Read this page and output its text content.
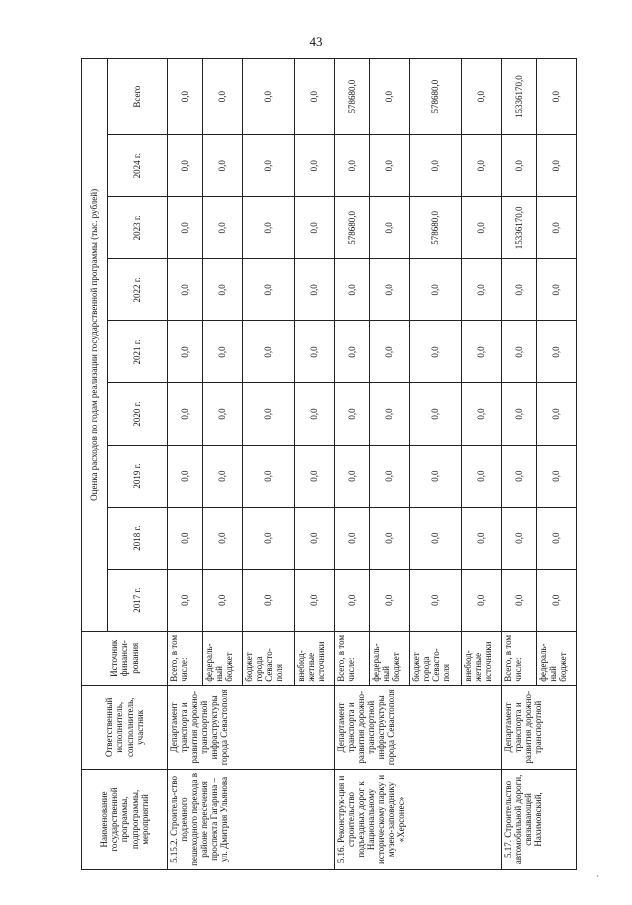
43
Наименование государственной программы, подпрограммы, мероприятий	Ответственный исполнитель, соисполнитель, участник	Источник финанси-рования	Оценка расходов по годам реализации государственной программы (тыс. рублей)								
			2017 г.	2018 г.	2019 г.	2020 г.	2021 г.	2022 г.	2023 г.	2024 г.	Всего
5.15.2. Строитель-ство подземного пешеходного перехода в районе пересечения проспекта Гагарина – ул. Дмитрия Ульянова	Департамент транспорта и развития дорожно-транспортной инфраструктуры города Севастополя	Всего, в том числе:	0,0	0,0	0,0	0,0	0,0	0,0	0,0	0,0	0,0
		федераль-ный бюджет	0,0	0,0	0,0	0,0	0,0	0,0	0,0	0,0	0,0
		бюджет города Севасто-поля	0,0	0,0	0,0	0,0	0,0	0,0	0,0	0,0	0,0
		внебюд-жетные источники	0,0	0,0	0,0	0,0	0,0	0,0	0,0	0,0	0,0
5.16. Реконструк-ция и строительство подъездных дорог к Национальному историческому парку и музею-заповеднику «Херсонес»	Департамент транспорта и развития дорожно-транспортной инфраструктуры города Севастополя	Всего, в том числе:	0,0	0,0	0,0	0,0	0,0	0,0	578680,0	0,0	578680,0
		федераль-ный бюджет	0,0	0,0	0,0	0,0	0,0	0,0	0,0	0,0	0,0
		бюджет города Севасто-поля	0,0	0,0	0,0	0,0	0,0	0,0	578680,0	0,0	578680,0
		внебюд-жетные источники	0,0	0,0	0,0	0,0	0,0	0,0	0,0	0,0	0,0
5.17. Строительство автомобильной дороги, связывающей Нахимовский,	Департамент транспорта и развития дорожно-транспортной	Всего, в том числе:	0,0	0,0	0,0	0,0	0,0	0,0	15336170,0	0,0	15336170,0
		федераль-ный бюджет	0,0	0,0	0,0	0,0	0,0	0,0	0,0	0,0	0,0
`
